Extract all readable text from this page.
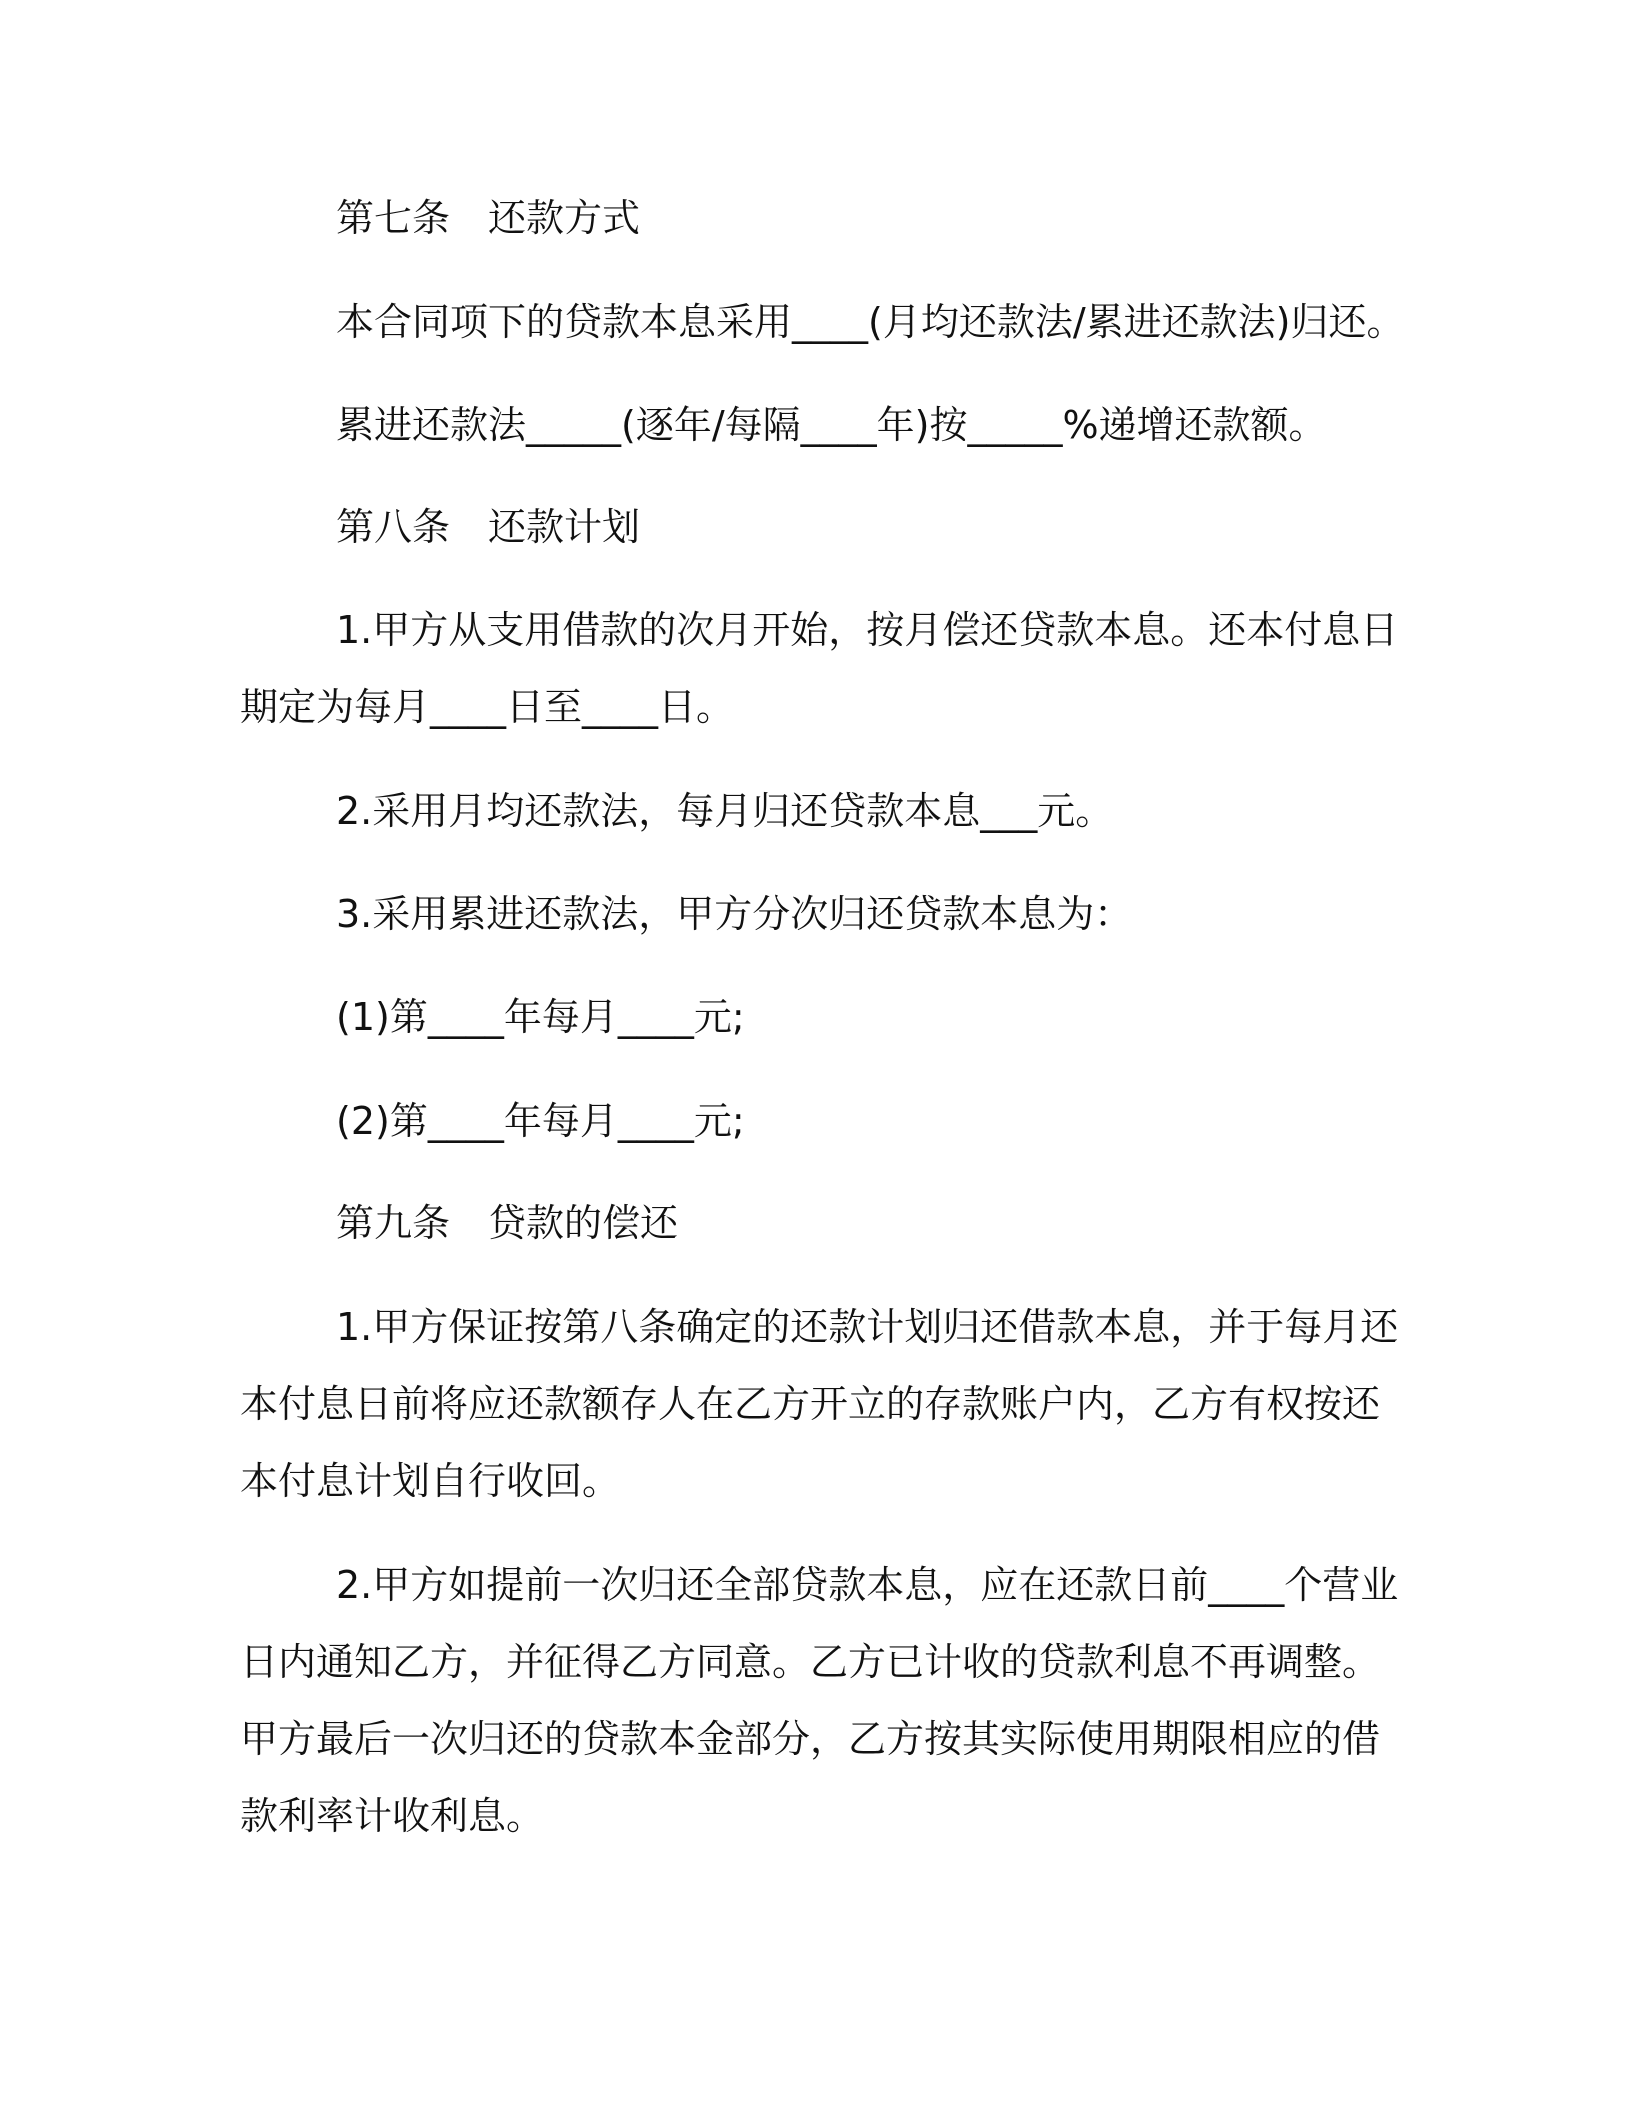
第七条　还款方式
本合同项下的贷款本息采用____(月均还款法/累进还款法)归还。
累进还款法_____(逐年/每隔____年)按_____%递增还款额。
第八条　还款计划
1.甲方从支用借款的次月开始，按月偿还贷款本息。还本付息日
期定为每月____日至____日。
2.采用月均还款法，每月归还贷款本息___元。
3.采用累进还款法，甲方分次归还贷款本息为：
(1)第____年每月____元;
(2)第____年每月____元;
第九条　贷款的偿还
1.甲方保证按第八条确定的还款计划归还借款本息，并于每月还
本付息日前将应还款额存人在乙方开立的存款账户内，乙方有权按还
本付息计划自行收回。
2.甲方如提前一次归还全部贷款本息，应在还款日前____个营业
日内通知乙方，并征得乙方同意。乙方已计收的贷款利息不再调整。
甲方最后一次归还的贷款本金部分，乙方按其实际使用期限相应的借
款利率计收利息。
